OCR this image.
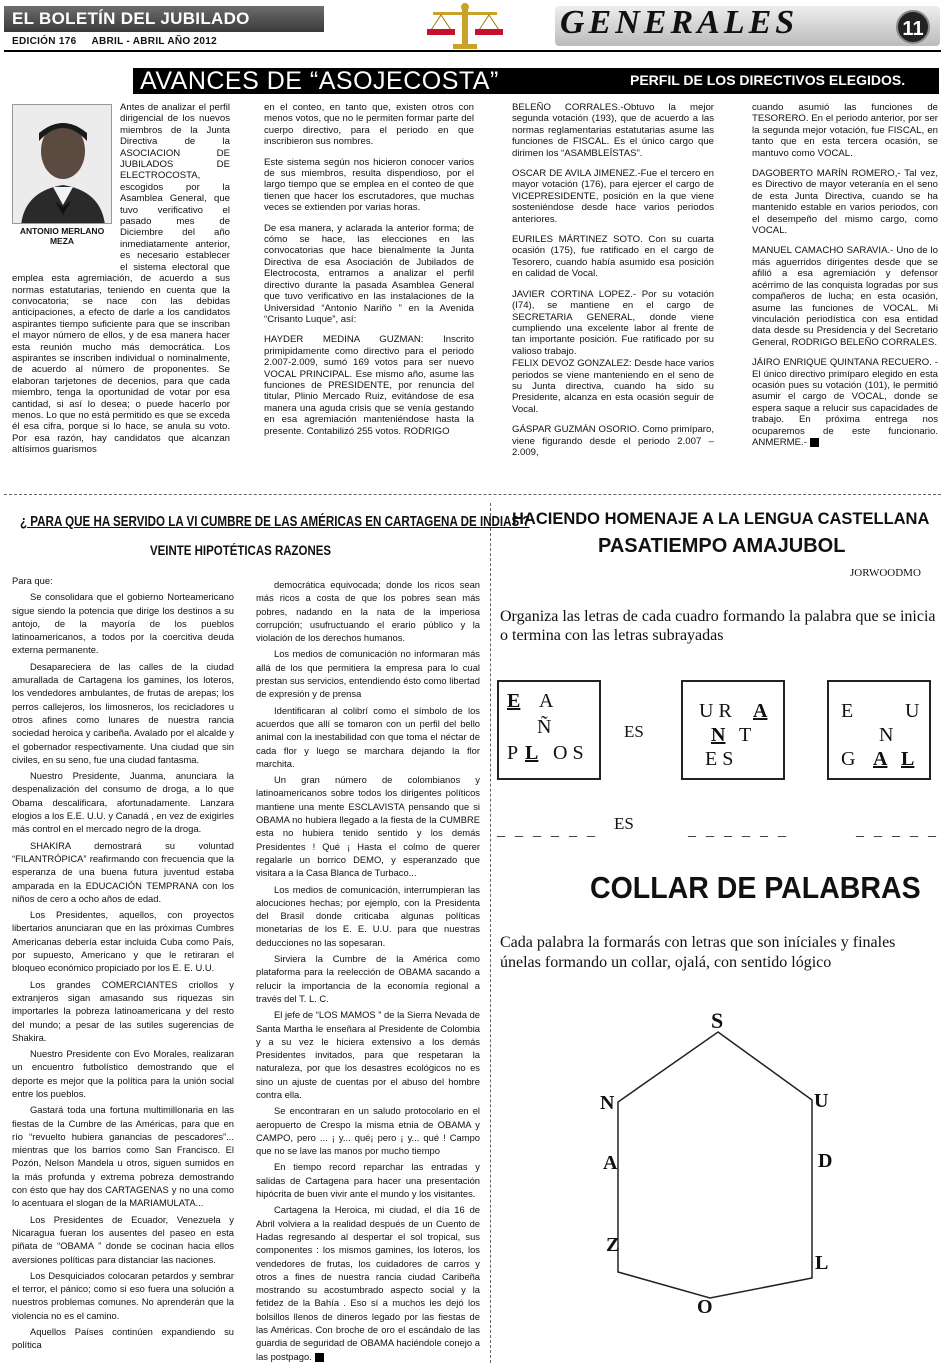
EL BOLETÍN DEL JUBILADO
EDICIÓN 176 ABRIL - ABRIL AÑO 2012
GENERALES	11
AVANCES DE “ASOJECOSTA”	PERFIL DE LOS DIRECTIVOS ELEGIDOS.
ANTONIO MERLANO MEZA

Antes de analizar el perfil dirigencial de los nuevos miembros de la Junta Directiva de la ASOCIACION DE JUBILADOS DE ELECTROCOSTA, escogidos por la Asamblea General, que tuvo verificativo el pasado mes de Diciembre del año inmediatamente anterior, es necesario establecer el sistema electoral que emplea esta agremiación, de acuerdo a sus normas estatutarias, teniendo en cuenta que la convocatoria; se nace con las debidas anticipaciones, a efecto de darle a los candidatos aspirantes tiempo suficiente para que se inscriban el mayor número de ellos, y de esa manera hacer esta reunión mucho más democrática. Los aspirantes se inscriben individual o nominalmente, de acuerdo al número de proponentes. Se elaboran tarjetones de decenios, para que cada miembro, tenga la oportunidad de votar por esa cantidad, si así lo desea; o puede hacerlo por menos. Lo que no está permitido es que se exceda él esa cifra, porque si lo hace, se anula su voto. Por esa razón, hay candidatos que alcanzan altísimos guarismos

en el conteo, en tanto que, existen otros con menos votos, que no le permiten formar parte del cuerpo directivo, para el periodo en que inscribieron sus nombres.

Este sistema según nos hicieron conocer varios de sus miembros, resulta dispendioso, por el largo tiempo que se emplea en el conteo de que tienen que hacer los escrutadores, que muchas veces se extienden por varias horas.

De esa manera, y aclarada la anterior forma; de cómo se hace, las elecciones en las convocatorias que hace bienalmente la Junta Directiva de esa Asociación de Jubilados de Electrocosta, entramos a analizar el perfil directivo durante la pasada Asamblea General que tuvo verificativo en las instalaciones de la Universidad “Antonio Nariño ” en la Avenida “Crisanto Luque”, así:

HAYDER MEDINA GUZMAN: Inscrito primipidamente como directivo para el periodo 2.007-2.009, sumó 169 votos para ser nuevo VOCAL PRINCIPAL. Ese mismo año, asume las funciones de PRESIDENTE, por renuncia del titular, Plinio Mercado Ruiz, evitándose de esa manera una aguda crisis que se venía gestando en esa agremiación manteniéndose hasta la presente. Contabilizó 255 votos. RODRIGO

BELEÑO CORRALES.-Obtuvo la mejor segunda votación (193), que de acuerdo a las normas reglamentarias estatutarias asume las funciones de FISCAL. Es el único cargo que dirimen los “ASAMBLEÍSTAS”.

OSCAR DE AVILA JIMENEZ.-Fue el tercero en mayor votación (176), para ejercer el cargo de VICEPRESIDENTE, posición en la que viene sosteniéndose desde hace varios periodos anteriores.

EURILES MÁRTINEZ SOTO. Con su cuarta ocasión (175), fue ratificado en el cargo de Tesorero, cuando había asumido esa posición en calidad de Vocal.

JAVIER CORTINA LOPEZ.- Por su votación (I74), se mantiene en el cargo de SECRETARIA GENERAL, donde viene cumpliendo una excelente labor al frente de tan importante posición. Fue ratificado por su valioso trabajo.

FELIX DEVOZ GONZALEZ: Desde hace varios periodos se viene manteniendo en el seno de su Junta directiva, cuando ha sido su Presidente, alcanza en esta ocasión seguir de Vocal.

GÁSPAR GUZMÁN OSORIO. Como primíparo, viene figurando desde el periodo 2.007 – 2.009,

cuando asumió las funciones de TESORERO. En el periodo anterior, por ser la segunda mejor votación, fue FISCAL, en tanto que en esta tercera ocasión, se mantuvo como VOCAL.

DAGOBERTO MARÍN ROMERO,- Tal vez, es Directivo de mayor veteranía en el seno de esta Junta Directiva, cuando se ha mantenido estable en varios periodos, con el desempeño del mismo cargo, como VOCAL.

MANUEL CAMACHO SARAVIA.- Uno de lo más aguerridos dirigentes desde que se afilió a esa agremiación y defensor acérrimo de las conquista logradas por sus compañeros de lucha; en esta ocasión, asume las funciones de VOCAL. Mi vinculación periodística con esa entidad data desde su Presidencia y del Secretario General, RODRIGO BELEÑO CORRALES.

JÁIRO ENRIQUE QUINTANA RECUERO. - El único directivo primíparo elegido en esta ocasión pues su votación (101), le permitió asumir el cargo de VOCAL, donde se espera saque a relucir sus capacidades de trabajo. En próxima entrega nos ocuparemos de este funcionario. ANMERME.-

¿ PARA QUE HA SERVIDO LA VI CUMBRE DE LAS AMÉRICAS EN CARTAGENA DE INDIAS ?
VEINTE HIPOTÉTICAS RAZONES

Para que:

Se consolidara que el gobierno Norteamericano sigue siendo la potencia que dirige los destinos a su antojo, de la mayoría de los pueblos latinoamericanos, a todos por la coercitiva deuda externa permanente.

Desapareciera de las calles de la ciudad amurallada de Cartagena los gamines, los loteros, los vendedores ambulantes, de frutas de arepas; los perros callejeros, los limosneros, los recicladores u otros afines como lunares de nuestra rancia sociedad heroica y caribeña. Avalado por el alcalde y el gobernador respectivamente. Una ciudad que sin civiles, en su seno, fue una ciudad fantasma.

Nuestro Presidente, Juanma, anunciara la despenalización del consumo de droga, a lo que Obama descalificara, afortunadamente. Lanzara elogios a los E.E. U.U. y Canadá , en vez de exigirles más control en el mercado negro de la droga.

SHAKIRA demostrará su voluntad “FILANTRÓPICA” reafirmando con frecuencia que la esperanza de una buena futura juventud estaba amparada en la EDUCACIÓN TEMPRANA con los niños de cero a ocho años de edad.

Los Presidentes, aquellos, con proyectos libertarios anunciaran que en las próximas Cumbres Americanas debería estar incluida Cuba como País, por supuesto, Americano y que le retiraran el bloqueo económico propiciado por los E. E. U.U.

Los grandes COMERCIANTES criollos y extranjeros sigan amasando sus riquezas sin importarles la pobreza latinoamericana y del resto del mundo; a pesar de las sutiles sugerencias de Shakira.

Nuestro Presidente con Evo Morales, realizaran un encuentro futbolístico demostrando que el deporte es mejor que la política para la unión social entre los pueblos.

Gastará toda una fortuna multimillonaria en las fiestas de la Cumbre de las Américas, para que en río “revuelto hubiera ganancias de pescadores”... mientras que los barrios como San Francisco. El Pozón, Nelson Mandela u otros, siguen sumidos en la más profunda y extrema pobreza demostrando con ésto que hay dos CARTAGENAS y no una como lo acentuara el slogan de la MARIAMULATA...

Los Presidentes de Ecuador, Venezuela y Nicaragua fueran los ausentes del paseo en esta piñata de “OBAMA ” donde se cocinan hacia ellos aversiones políticas para distanciar las naciones.

Los Desquiciados colocaran petardos y sembrar el terror, el pánico; como si eso fuera una solución a nuestros problemas comunes. No aprenderán que la violencia no es el camino.

Aquellos Países continúen expandiendo su política

democrática equivocada; donde los ricos sean más ricos a costa de que los pobres sean más pobres, nadando en la nata de la imperiosa corrupción; usufructuando el erario público y la violación de los derechos humanos.

Los medios de comunicación no informaran más allá de los que permitiera la empresa para lo cual prestan sus servicios, entendiendo ésto como libertad de expresión y de prensa

Identificaran al colibrí como el símbolo de los acuerdos que allí se tomaron con un perfil del bello animal con la inestabilidad con que toma el néctar de cada flor y luego se marchara dejando la flor marchita.

Un gran número de colombianos y latinoamericanos sobre todos los dirigentes políticos mantiene una mente ESCLAVISTA pensando que si OBAMA no hubiera llegado a la fiesta de la CUMBRE esta no hubiera tenido sentido y los demás Presidentes ! Qué ¡ Hasta el colmo de querer regalarle un borrico DEMO, y esperanzado que visitara a la Casa Blanca de Turbaco...

Los medios de comunicación, interrumpieran las alocuciones hechas; por ejemplo, con la Presidenta del Brasil donde criticaba algunas políticas monetarias de los E. E. U.U. para que nuestras deducciones no las sopesaran.

Sirviera la Cumbre de la América como plataforma para la reelección de OBAMA sacando a relucir la importancia de la economía regional a través del T. L. C.

El jefe de “LOS MAMOS ” de la Sierra Nevada de Santa Martha le enseñara al Presidente de Colombia y a su vez le hiciera extensivo a los demás Presidentes invitados, para que respetaran la naturaleza, por que los desastres ecológicos no es sino un ajuste de cuentas por el abuso del hombre contra ella.

Se encontraran en un saludo protocolario en el aeropuerto de Crespo la misma etnia de OBAMA y CAMPO, pero ... ¡ y... qué¡ pero ¡ y... qué ! Campo que no se lave las manos por mucho tiempo

En tiempo record reparchar las entradas y salidas de Cartagena para hacer una presentación hipócrita de buen vivir ante el mundo y los visitantes.

Cartagena la Heroica, mi ciudad, el día 16 de Abril volviera a la realidad después de un Cuento de Hadas regresando al despertar el sol tropical, sus componentes : los mismos gamines, los loteros, los vendedores de frutas, los cuidadores de carros y otros a fines de nuestra rancia ciudad Caribeña mostrando su acostumbrado aspecto social y la fetidez de la Bahía . Eso sí a muchos les dejó los bolsillos llenos de dineros legado por las fiestas de las Américas. Con broche de oro el escándalo de las guardia de seguridad de OBAMA haciéndole conejo a las postpago.

HACIENDO HOMENAJE A LA LENGUA CASTELLANA
PASATIEMPO AMAJUBOL
JORWOODMO
Organiza las letras de cada cuadro formando la palabra que se inicia o termina con las letras subrayadas
E A
Ñ
P L O S
ES
U R A
N T
E S
E	U
N
G A L
_ _ _ _ _ _ ES	_ _ _ _ _ _	_ _ _ _ _
COLLAR DE PALABRAS
Cada palabra la formarás con letras que son iníciales y finales únelas formando un collar, ojalá, con sentido lógico
S
N	U
A	D
Z
L
O
